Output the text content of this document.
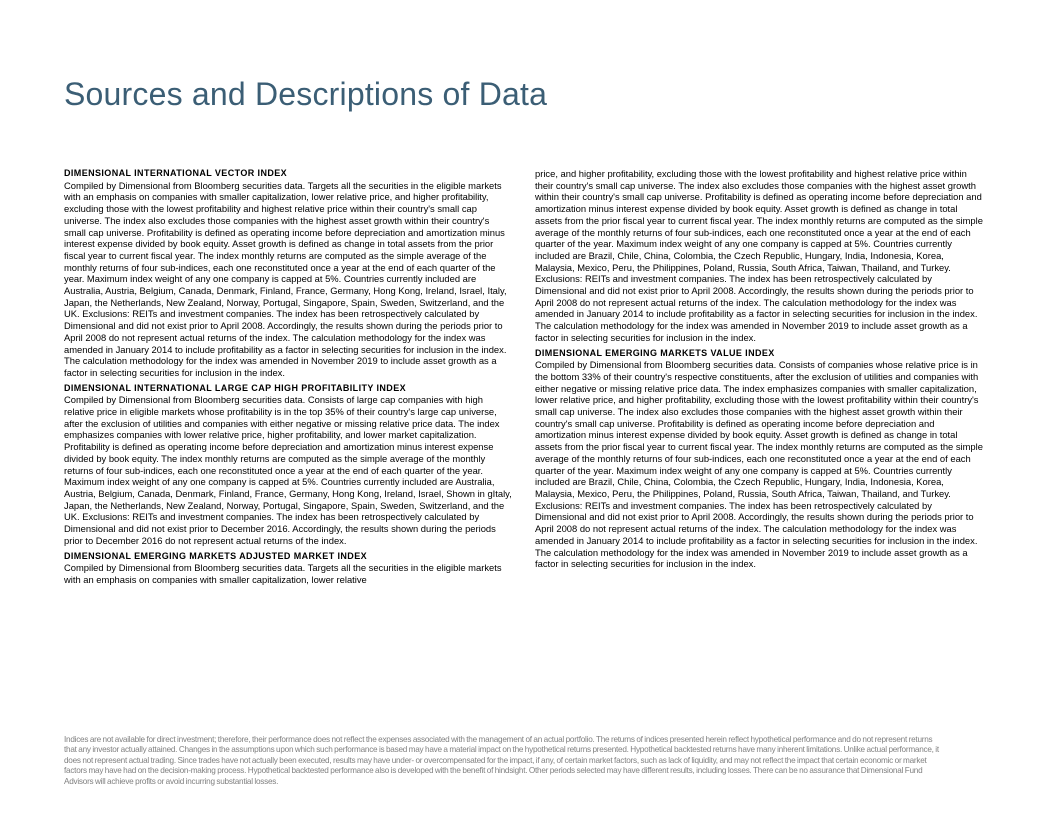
Sources and Descriptions of Data
DIMENSIONAL INTERNATIONAL VECTOR INDEX
Compiled by Dimensional from Bloomberg securities data. Targets all the securities in the eligible markets with an emphasis on companies with smaller capitalization, lower relative price, and higher profitability, excluding those with the lowest profitability and highest relative price within their country's small cap universe. The index also excludes those companies with the highest asset growth within their country's small cap universe. Profitability is defined as operating income before depreciation and amortization minus interest expense divided by book equity. Asset growth is defined as change in total assets from the prior fiscal year to current fiscal year. The index monthly returns are computed as the simple average of the monthly returns of four sub-indices, each one reconstituted once a year at the end of each quarter of the year. Maximum index weight of any one company is capped at 5%. Countries currently included are Australia, Austria, Belgium, Canada, Denmark, Finland, France, Germany, Hong Kong, Ireland, Israel, Italy, Japan, the Netherlands, New Zealand, Norway, Portugal, Singapore, Spain, Sweden, Switzerland, and the UK. Exclusions: REITs and investment companies. The index has been retrospectively calculated by Dimensional and did not exist prior to April 2008. Accordingly, the results shown during the periods prior to April 2008 do not represent actual returns of the index. The calculation methodology for the index was amended in January 2014 to include profitability as a factor in selecting securities for inclusion in the index. The calculation methodology for the index was amended in November 2019 to include asset growth as a factor in selecting securities for inclusion in the index.
DIMENSIONAL INTERNATIONAL LARGE CAP HIGH PROFITABILITY INDEX
Compiled by Dimensional from Bloomberg securities data. Consists of large cap companies with high relative price in eligible markets whose profitability is in the top 35% of their country's large cap universe, after the exclusion of utilities and companies with either negative or missing relative price data. The index emphasizes companies with lower relative price, higher profitability, and lower market capitalization. Profitability is defined as operating income before depreciation and amortization minus interest expense divided by book equity. The index monthly returns are computed as the simple average of the monthly returns of four sub-indices, each one reconstituted once a year at the end of each quarter of the year. Maximum index weight of any one company is capped at 5%. Countries currently included are Australia, Austria, Belgium, Canada, Denmark, Finland, France, Germany, Hong Kong, Ireland, Israel, Shown in gItaly, Japan, the Netherlands, New Zealand, Norway, Portugal, Singapore, Spain, Sweden, Switzerland, and the UK. Exclusions: REITs and investment companies. The index has been retrospectively calculated by Dimensional and did not exist prior to December 2016. Accordingly, the results shown during the periods prior to December 2016 do not represent actual returns of the index.
DIMENSIONAL EMERGING MARKETS ADJUSTED MARKET INDEX
Compiled by Dimensional from Bloomberg securities data. Targets all the securities in the eligible markets with an emphasis on companies with smaller capitalization, lower relative
price, and higher profitability, excluding those with the lowest profitability and highest relative price within their country's small cap universe. The index also excludes those companies with the highest asset growth within their country's small cap universe. Profitability is defined as operating income before depreciation and amortization minus interest expense divided by book equity. Asset growth is defined as change in total assets from the prior fiscal year to current fiscal year. The index monthly returns are computed as the simple average of the monthly returns of four sub-indices, each one reconstituted once a year at the end of each quarter of the year. Maximum index weight of any one company is capped at 5%. Countries currently included are Brazil, Chile, China, Colombia, the Czech Republic, Hungary, India, Indonesia, Korea, Malaysia, Mexico, Peru, the Philippines, Poland, Russia, South Africa, Taiwan, Thailand, and Turkey. Exclusions: REITs and investment companies. The index has been retrospectively calculated by Dimensional and did not exist prior to April 2008. Accordingly, the results shown during the periods prior to April 2008 do not represent actual returns of the index. The calculation methodology for the index was amended in January 2014 to include profitability as a factor in selecting securities for inclusion in the index. The calculation methodology for the index was amended in November 2019 to include asset growth as a factor in selecting securities for inclusion in the index.
DIMENSIONAL EMERGING MARKETS VALUE INDEX
Compiled by Dimensional from Bloomberg securities data. Consists of companies whose relative price is in the bottom 33% of their country's respective constituents, after the exclusion of utilities and companies with either negative or missing relative price data. The index emphasizes companies with smaller capitalization, lower relative price, and higher profitability, excluding those with the lowest profitability within their country's small cap universe. The index also excludes those companies with the highest asset growth within their country's small cap universe. Profitability is defined as operating income before depreciation and amortization minus interest expense divided by book equity. Asset growth is defined as change in total assets from the prior fiscal year to current fiscal year. The index monthly returns are computed as the simple average of the monthly returns of four sub-indices, each one reconstituted once a year at the end of each quarter of the year. Maximum index weight of any one company is capped at 5%. Countries currently included are Brazil, Chile, China, Colombia, the Czech Republic, Hungary, India, Indonesia, Korea, Malaysia, Mexico, Peru, the Philippines, Poland, Russia, South Africa, Taiwan, Thailand, and Turkey. Exclusions: REITs and investment companies. The index has been retrospectively calculated by Dimensional and did not exist prior to April 2008. Accordingly, the results shown during the periods prior to April 2008 do not represent actual returns of the index. The calculation methodology for the index was amended in January 2014 to include profitability as a factor in selecting securities for inclusion in the index. The calculation methodology for the index was amended in November 2019 to include asset growth as a factor in selecting securities for inclusion in the index.
Indices are not available for direct investment; therefore, their performance does not reflect the expenses associated with the management of an actual portfolio. The returns of indices presented herein reflect hypothetical performance and do not represent returns that any investor actually attained. Changes in the assumptions upon which such performance is based may have a material impact on the hypothetical returns presented. Hypothetical backtested returns have many inherent limitations. Unlike actual performance, it does not represent actual trading. Since trades have not actually been executed, results may have under- or overcompensated for the impact, if any, of certain market factors, such as lack of liquidity, and may not reflect the impact that certain economic or market factors may have had on the decision-making process. Hypothetical backtested performance also is developed with the benefit of hindsight. Other periods selected may have different results, including losses. There can be no assurance that Dimensional Fund Advisors will achieve profits or avoid incurring substantial losses.
